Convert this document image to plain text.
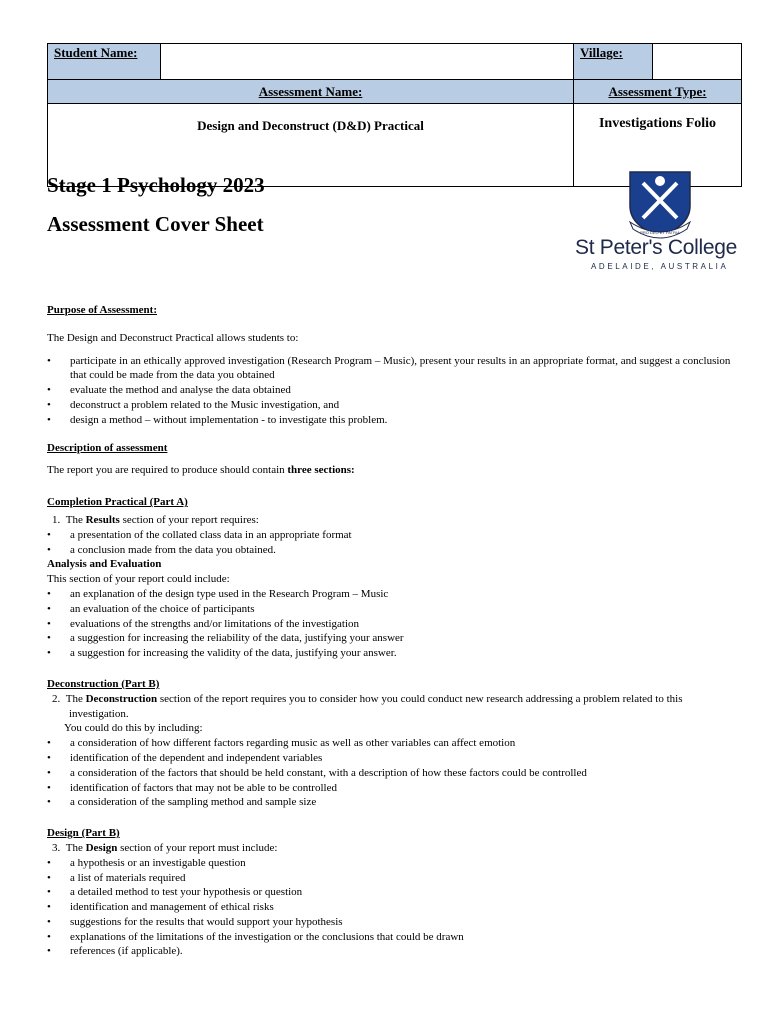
Student Name:		Village:	
Assessment Name:		Assessment Type:	
Design and Deconstruct (D&D) Practical		Investigations Folio	
Stage 1 Psychology 2023
Assessment Cover Sheet	PRO DEO ET PATRIA
St Peter's College
ADELAIDE, AUSTRALIA

Purpose of Assessment:

The Design and Deconstruct Practical allows students to:

• participate in an ethically approved investigation (Research Program – Music), present your results in an appropriate format, and suggest a conclusion that could be made from the data you obtained
• evaluate the method and analyse the data obtained
• deconstruct a problem related to the Music investigation, and
• design a method – without implementation - to investigate this problem.

Description of assessment

The report you are required to produce should contain three sections:

Completion Practical (Part A)

1. The Results section of your report requires:

• a presentation of the collated class data in an appropriate format
• a conclusion made from the data you obtained.

Analysis and Evaluation

This section of your report could include:

• an explanation of the design type used in the Research Program – Music
• an evaluation of the choice of participants
• evaluations of the strengths and/or limitations of the investigation
• a suggestion for increasing the reliability of the data, justifying your answer
• a suggestion for increasing the validity of the data, justifying your answer.

Deconstruction (Part B)

2. The Deconstruction section of the report requires you to consider how you could conduct new research addressing a problem related to this investigation.

You could do this by including:

• a consideration of how different factors regarding music as well as other variables can affect emotion
• identification of the dependent and independent variables
• a consideration of the factors that should be held constant, with a description of how these factors could be controlled
• identification of factors that may not be able to be controlled
• a consideration of the sampling method and sample size

Design (Part B)

3. The Design section of your report must include:

• a hypothesis or an investigable question
• a list of materials required
• a detailed method to test your hypothesis or question
• identification and management of ethical risks
• suggestions for the results that would support your hypothesis
• explanations of the limitations of the investigation or the conclusions that could be drawn
• references (if applicable).
